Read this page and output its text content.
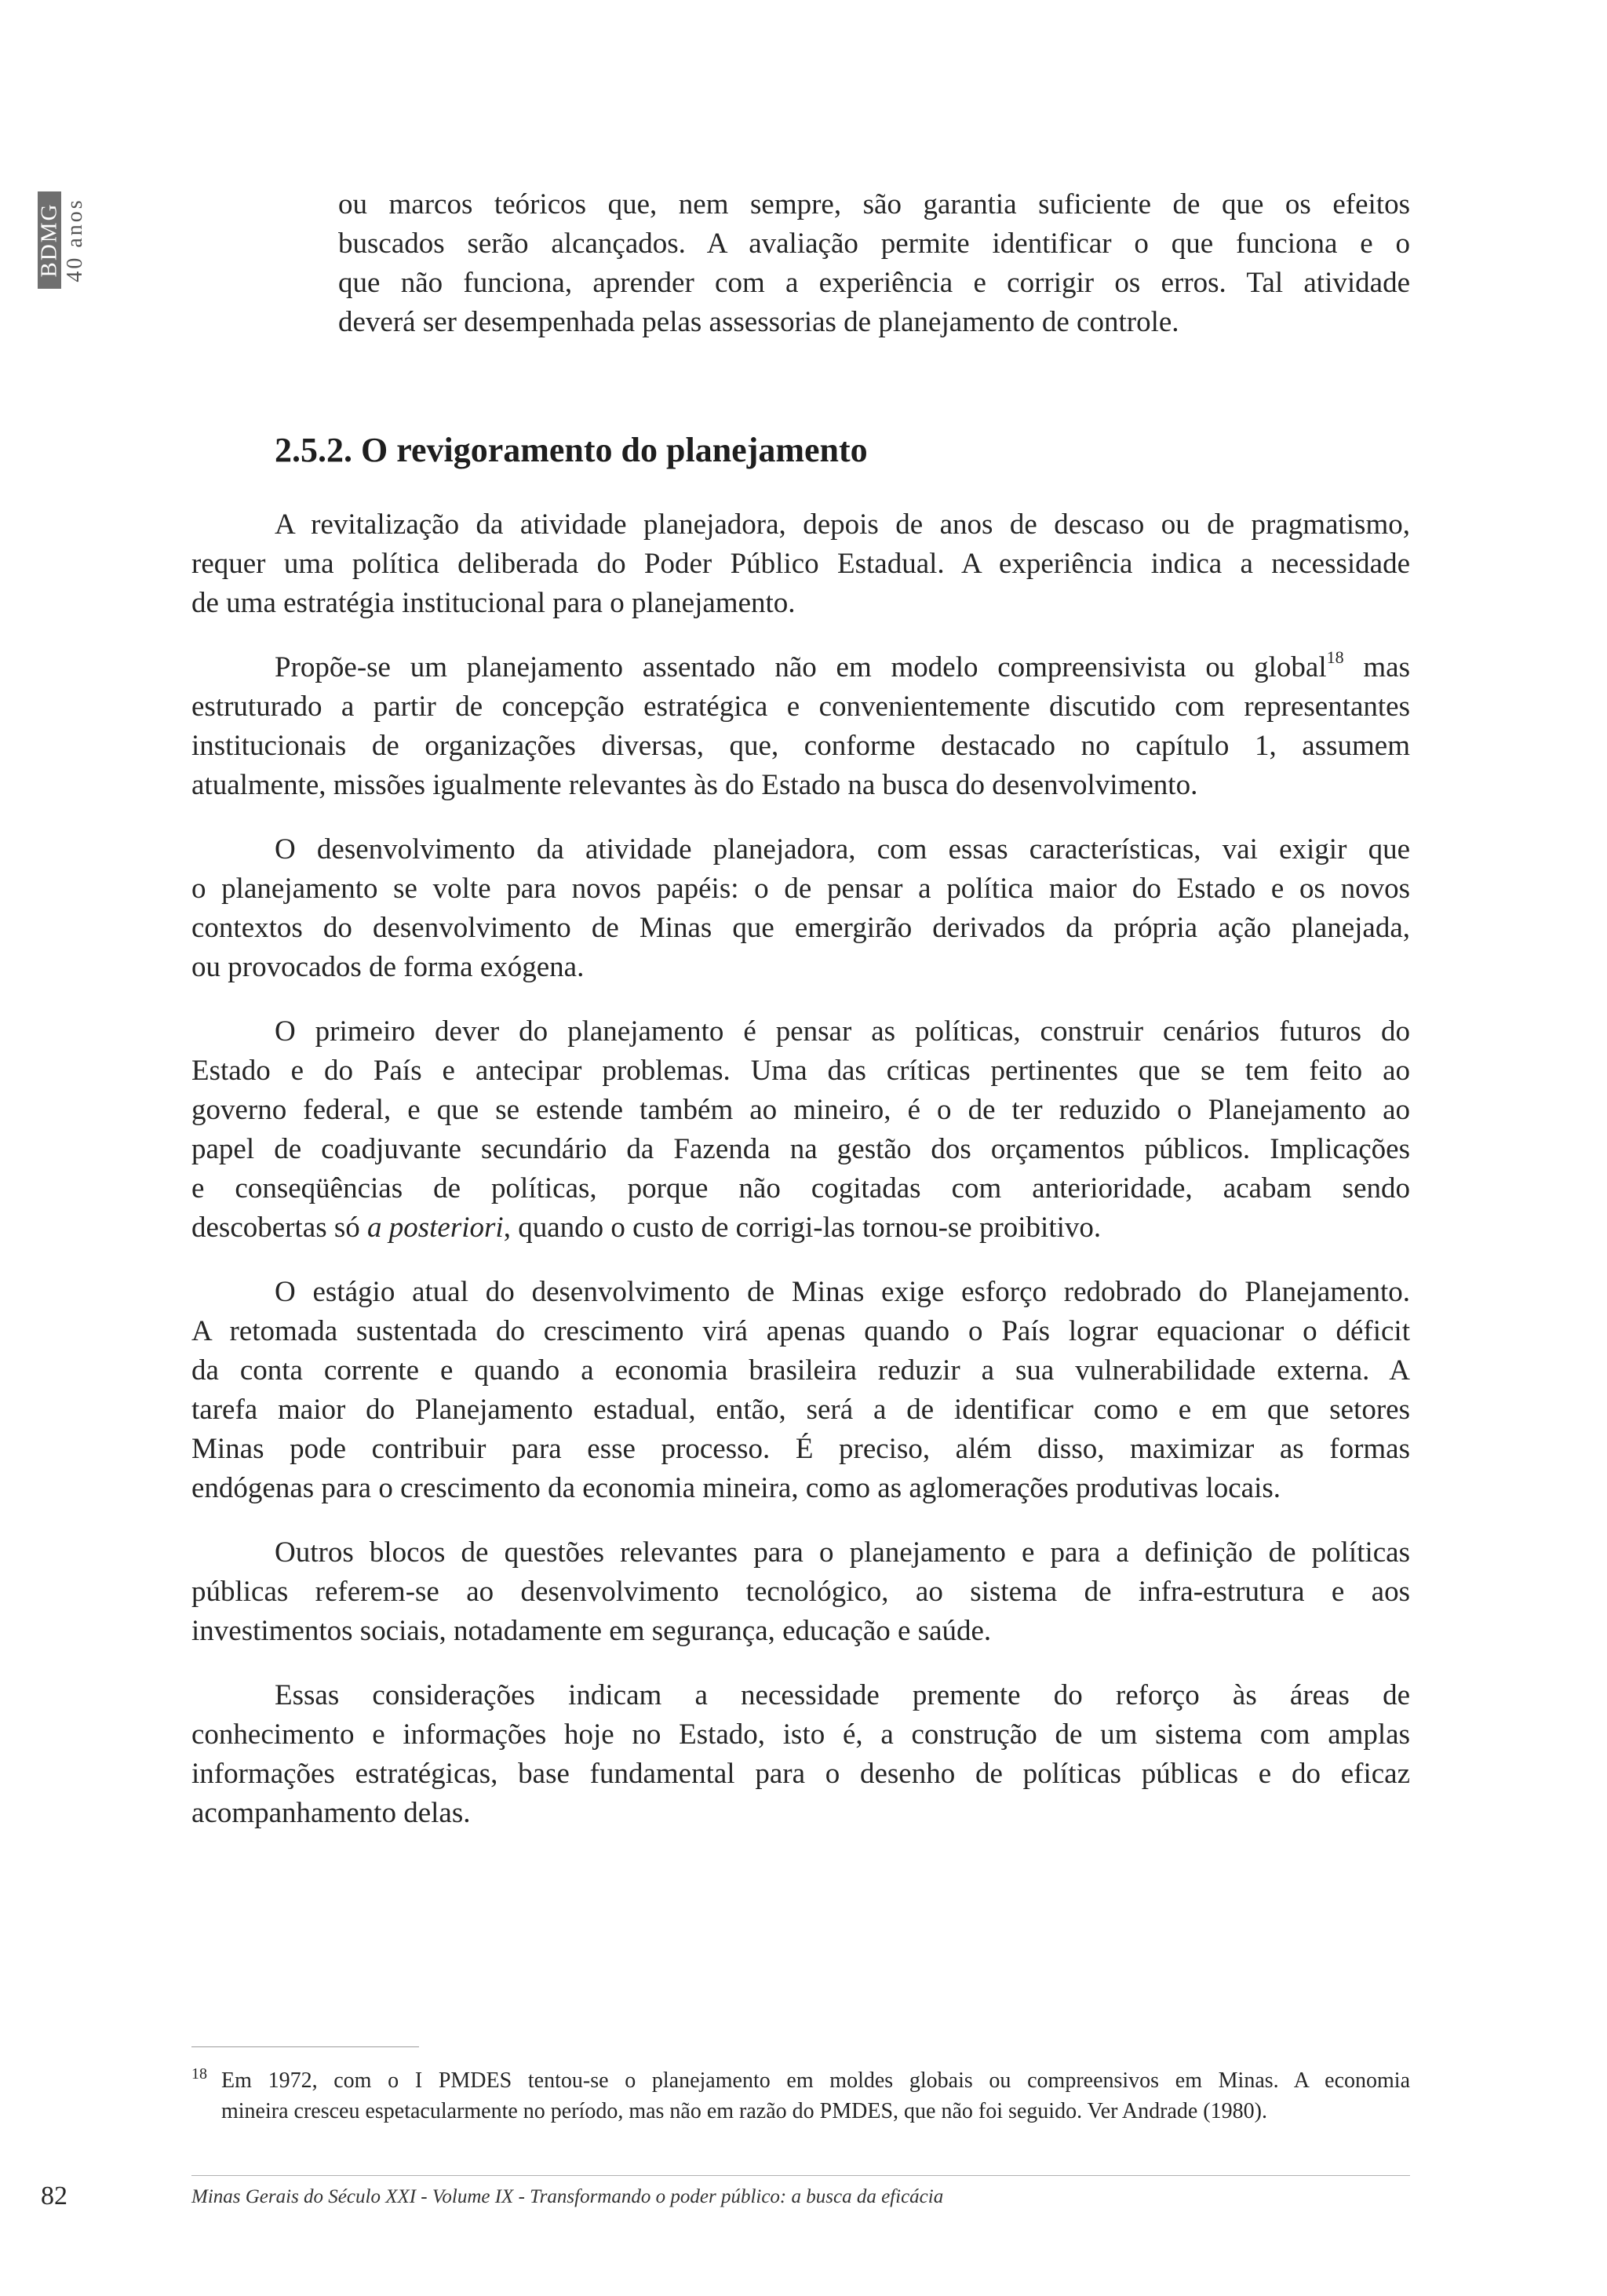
BDMG 40 anos	ou marcos teóricos que, nem sempre, são garantia suficiente de que os efeitos
buscados serão alcançados. A avaliação permite identificar o que funciona e o
que não funciona, aprender com a experiência e corrigir os erros. Tal atividade
deverá ser desempenhada pelas assessorias de planejamento de controle.

2.5.2. O revigoramento do planejamento

A revitalização da atividade planejadora, depois de anos de descaso ou de pragmatismo,
requer uma política deliberada do Poder Público Estadual. A experiência indica a necessidade
de uma estratégia institucional para o planejamento.

Propõe-se um planejamento assentado não em modelo compreensivista ou global$^{18}$ mas
estruturado a partir de concepção estratégica e convenientemente discutido com representantes
institucionais de organizações diversas, que, conforme destacado no capítulo 1, assumem
atualmente, missões igualmente relevantes às do Estado na busca do desenvolvimento.

O desenvolvimento da atividade planejadora, com essas características, vai exigir que
o planejamento se volte para novos papéis: o de pensar a política maior do Estado e os novos
contextos do desenvolvimento de Minas que emergirão derivados da própria ação planejada,
ou provocados de forma exógena.

O primeiro dever do planejamento é pensar as políticas, construir cenários futuros do
Estado e do País e antecipar problemas. Uma das críticas pertinentes que se tem feito ao
governo federal, e que se estende também ao mineiro, é o de ter reduzido o Planejamento ao
papel de coadjuvante secundário da Fazenda na gestão dos orçamentos públicos. Implicações
e conseqüências de políticas, porque não cogitadas com anterioridade, acabam sendo
descobertas só a posteriori, quando o custo de corrigi-las tornou-se proibitivo.

O estágio atual do desenvolvimento de Minas exige esforço redobrado do Planejamento.
A retomada sustentada do crescimento virá apenas quando o País lograr equacionar o déficit
da conta corrente e quando a economia brasileira reduzir a sua vulnerabilidade externa. A
tarefa maior do Planejamento estadual, então, será a de identificar como e em que setores
Minas pode contribuir para esse processo. É preciso, além disso, maximizar as formas
endógenas para o crescimento da economia mineira, como as aglomerações produtivas locais.

Outros blocos de questões relevantes para o planejamento e para a definição de políticas
públicas referem-se ao desenvolvimento tecnológico, ao sistema de infra-estrutura e aos
investimentos sociais, notadamente em segurança, educação e saúde.

Essas considerações indicam a necessidade premente do reforço às áreas de
conhecimento e informações hoje no Estado, isto é, a construção de um sistema com amplas
informações estratégicas, base fundamental para o desenho de políticas públicas e do eficaz
acompanhamento delas.

18 Em 1972, com o I PMDES tentou-se o planejamento em moldes globais ou compreensivos em Minas. A economia
mineira cresceu espetacularmente no período, mas não em razão do PMDES, que não foi seguido. Ver Andrade (1980).
82	Minas Gerais do Século XXI - Volume IX - Transformando o poder público: a busca da eficácia
